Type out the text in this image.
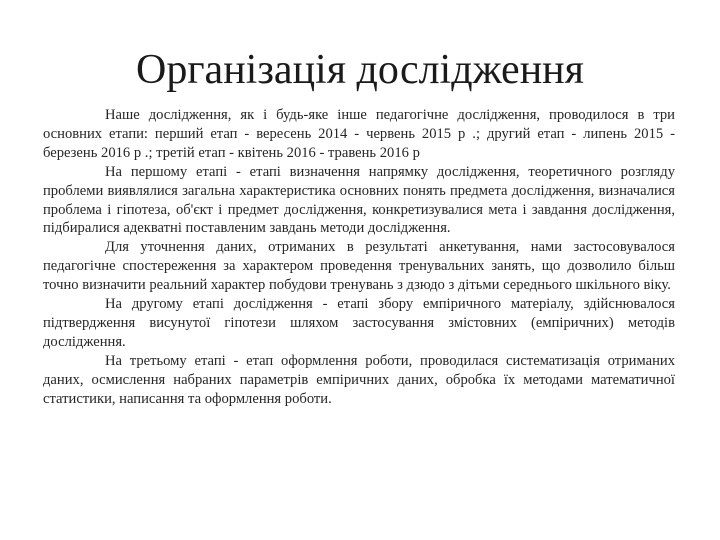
Організація дослідження

Наше дослідження, як і будь-яке інше педагогічне дослідження, проводилося в три основних етапи: перший етап - вересень 2014 - червень 2015 р .; другий етап - липень 2015 - березень 2016 р .; третій етап - квітень 2016 - травень 2016 р

На першому етапі - етапі визначення напрямку дослідження, теоретичного розгляду проблеми виявлялися загальна характеристика основних понять предмета дослідження, визначалися проблема і гіпотеза, об'єкт і предмет дослідження, конкретизувалися мета і завдання дослідження, підбиралися адекватні поставленим завдань методи дослідження.

Для уточнення даних, отриманих в результаті анкетування, нами застосовувалося педагогічне спостереження за характером проведення тренувальних занять, що дозволило більш точно визначити реальний характер побудови тренувань з дзюдо з дітьми середнього шкільного віку.

На другому етапі дослідження - етапі збору емпіричного матеріалу, здійснювалося підтвердження висунутої гіпотези шляхом застосування змістовних (емпіричних) методів дослідження.

На третьому етапі - етап оформлення роботи, проводилася систематизація отриманих даних, осмислення набраних параметрів емпіричних даних, обробка їх методами математичної статистики, написання та оформлення роботи.
